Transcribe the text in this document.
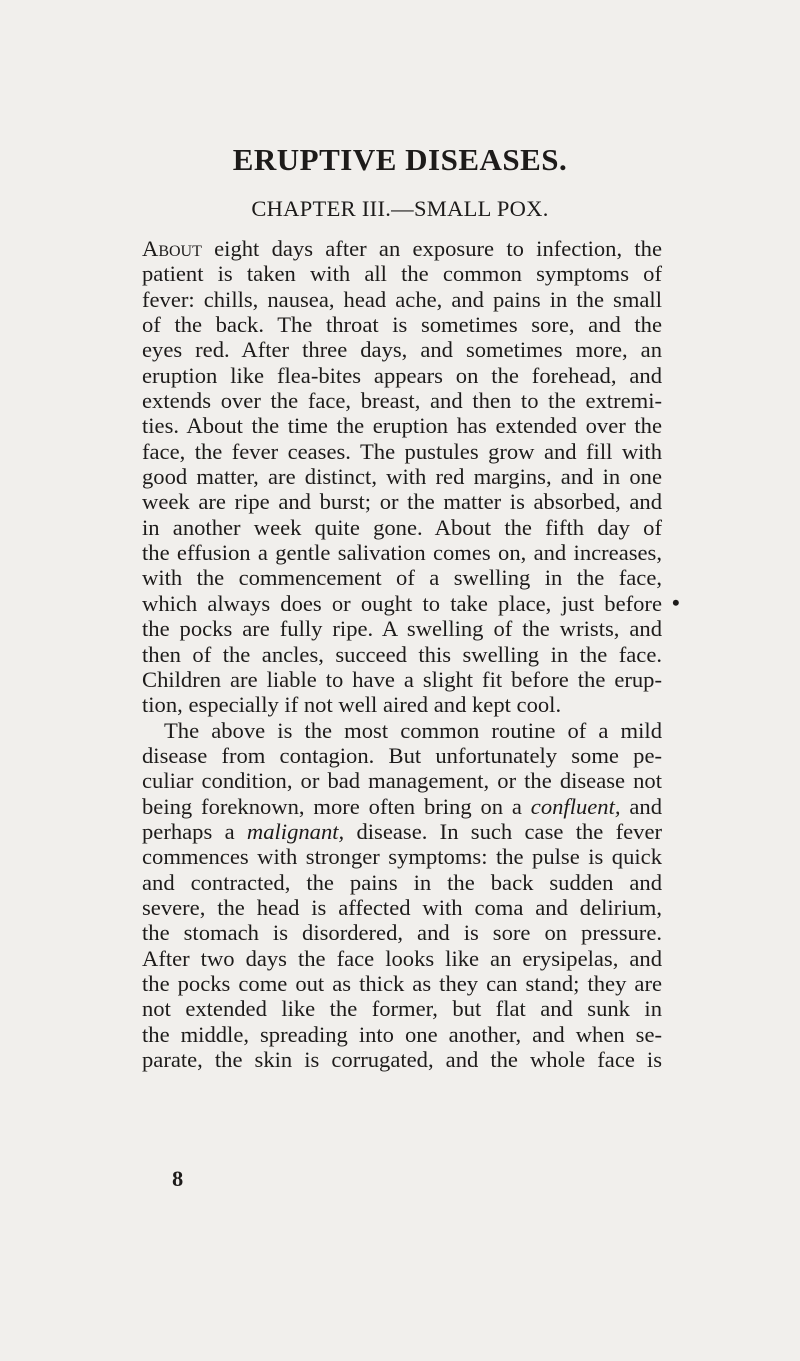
ERUPTIVE DISEASES.
CHAPTER III.—SMALL POX.
About eight days after an exposure to infection, the
patient is taken with all the common symptoms of
fever: chills, nausea, head ache, and pains in the small
of the back. The throat is sometimes sore, and the
eyes red. After three days, and sometimes more, an
eruption like flea-bites appears on the forehead, and
extends over the face, breast, and then to the extremi-
ties. About the time the eruption has extended over the
face, the fever ceases. The pustules grow and fill with
good matter, are distinct, with red margins, and in one
week are ripe and burst; or the matter is absorbed, and
in another week quite gone. About the fifth day of
the effusion a gentle salivation comes on, and increases,
with the commencement of a swelling in the face,
which always does or ought to take place, just before
the pocks are fully ripe. A swelling of the wrists, and
then of the ancles, succeed this swelling in the face.
Children are liable to have a slight fit before the erup-
tion, especially if not well aired and kept cool.
The above is the most common routine of a mild
disease from contagion. But unfortunately some pe-
culiar condition, or bad management, or the disease not
being foreknown, more often bring on a confluent, and
perhaps a malignant, disease. In such case the fever
commences with stronger symptoms: the pulse is quick
and contracted, the pains in the back sudden and
severe, the head is affected with coma and delirium,
the stomach is disordered, and is sore on pressure.
After two days the face looks like an erysipelas, and
the pocks come out as thick as they can stand; they are
not extended like the former, but flat and sunk in
the middle, spreading into one another, and when se-
parate, the skin is corrugated, and the whole face is
•
8
